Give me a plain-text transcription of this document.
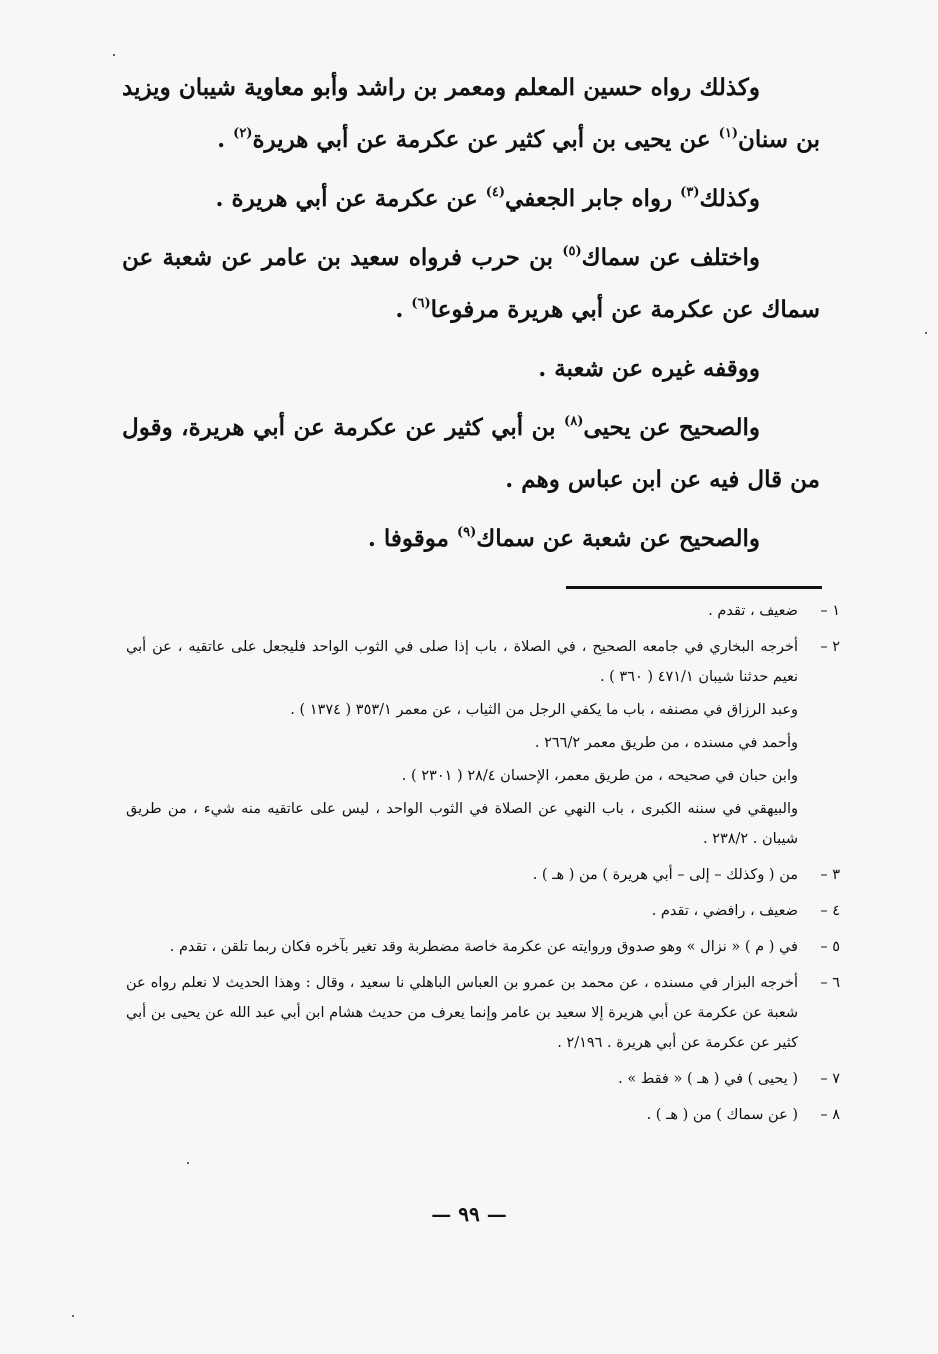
وكذلك رواه حسين المعلم ومعمر بن راشد وأبو معاوية شيبان ويزيد بن سنان$^{(١)}$ عن يحيى بن أبي كثير عن عكرمة عن أبي هريرة$^{(٢)}$ .

وكذلك$^{(٣)}$ رواه جابر الجعفي$^{(٤)}$ عن عكرمة عن أبي هريرة .

واختلف عن سماك$^{(٥)}$ بن حرب فرواه سعيد بن عامر عن شعبة عن سماك عن عكرمة عن أبي هريرة مرفوعا$^{(٦)}$ .

ووقفه غيره عن شعبة .

والصحيح عن يحيى$^{(٨)}$ بن أبي كثير عن عكرمة عن أبي هريرة، وقول من قال فيه عن ابن عباس وهم .

والصحيح عن شعبة عن سماك$^{(٩)}$ موقوفا .

١ –
ضعيف ، تقدم .
٢ –
أخرجه البخاري في جامعه الصحيح ، في الصلاة ، باب إذا صلى في الثوب الواحد فليجعل على عاتقيه ، عن أبي نعيم حدثنا شيبان ٤٧١/١ ( ٣٦٠ ) .
وعبد الرزاق في مصنفه ، باب ما يكفي الرجل من الثياب ، عن معمر ٣٥٣/١ ( ١٣٧٤ ) .
وأحمد في مسنده ، من طريق معمر ٢٦٦/٢ .
وابن حبان في صحيحه ، من طريق معمر، الإحسان ٢٨/٤ ( ٢٣٠١ ) .
والبيهقي في سننه الكبرى ، باب النهي عن الصلاة في الثوب الواحد ، ليس على عاتقيه منه شيء ، من طريق شيبان . ٢٣٨/٢ .
٣ –
من ( وكذلك – إلى – أبي هريرة ) من ( هـ ) .
٤ –
ضعيف ، رافضي ، تقدم .
٥ –
في ( م ) « نزال » وهو صدوق وروايته عن عكرمة خاصة مضطربة وقد تغير بآخره فكان ربما تلقن ، تقدم .
٦ –
أخرجه البزار في مسنده ، عن محمد بن عمرو بن العباس الباهلي نا سعيد ، وقال : وهذا الحديث لا نعلم رواه عن شعبة عن عكرمة عن أبي هريرة إلا سعيد بن عامر وإنما يعرف من حديث هشام ابن أبي عبد الله عن يحيى بن أبي كثير عن عكرمة عن أبي هريرة . ٢/١٩٦ .
٧ –
( يحيى ) في ( هـ ) « فقط » .
٨ –
( عن سماك ) من ( هـ ) .
— ٩٩ —
